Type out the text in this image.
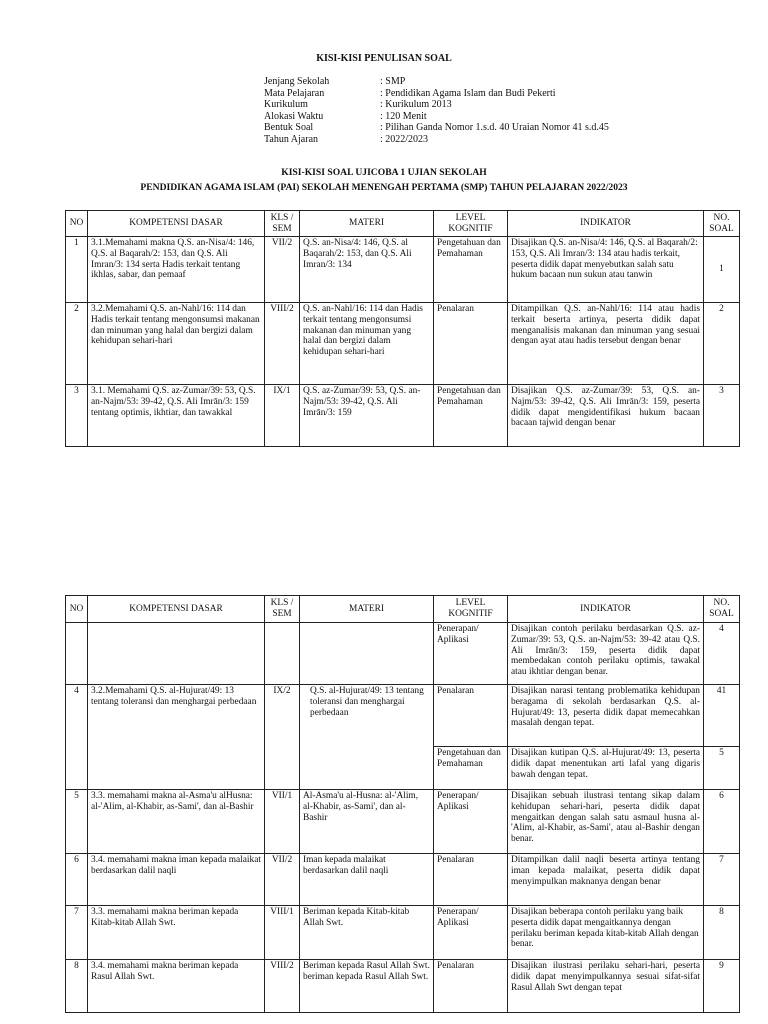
KISI-KISI PENULISAN SOAL
Jenjang Sekolah	: SMP
Mata Pelajaran	: Pendidikan Agama Islam dan Budi Pekerti
Kurikulum	: Kurikulum 2013
Alokasi Waktu	: 120 Menit
Bentuk Soal	: Pilihan Ganda Nomor 1.s.d. 40 Uraian Nomor 41 s.d.45
Tahun Ajaran	: 2022/2023
KISI-KISI SOAL UJICOBA 1 UJIAN SEKOLAH
PENDIDIKAN AGAMA ISLAM (PAI) SEKOLAH MENENGAH PERTAMA (SMP) TAHUN PELAJARAN 2022/2023
NO	KOMPETENSI DASAR	KLS / SEM	MATERI	LEVEL KOGNITIF	INDIKATOR	NO. SOAL
1	3.1.Memahami makna Q.S. an-Nisa/4: 146, Q.S. al Baqarah/2: 153, dan Q.S. Ali Imran/3: 134 serta Hadis terkait tentang ikhlas, sabar, dan pemaaf	VII/2	Q.S. an-Nisa/4: 146, Q.S. al Baqarah/2: 153, dan Q.S. Ali Imran/3: 134	Pengetahuan dan Pemahaman	Disajikan Q.S. an-Nisa/4: 146, Q.S. al Baqarah/2: 153, Q.S. Ali Imran/3: 134 atau hadis terkait, peserta didik dapat menyebutkan salah satu hukum bacaan nun sukun atau tanwin	1
2	3.2.Memahami Q.S. an-Nahl/16: 114 dan Hadis terkait tentang mengonsumsi makanan dan minuman yang halal dan bergizi dalam kehidupan sehari-hari	VIII/2	Q.S. an-Nahl/16: 114 dan Hadis terkait tentang mengonsumsi makanan dan minuman yang halal dan bergizi dalam kehidupan sehari-hari	Penalaran	Ditampilkan Q.S. an-Nahl/16: 114 atau hadis terkait beserta artinya, peserta didik dapat menganalisis makanan dan minuman yang sesuai dengan ayat atau hadis tersebut dengan benar	2
3	3.1. Memahami Q.S. az-Zumar/39: 53, Q.S. an-Najm/53: 39-42, Q.S. Ali Imrān/3: 159 tentang optimis, ikhtiar, dan tawakkal	IX/1	Q.S. az-Zumar/39: 53, Q.S. an-Najm/53: 39-42, Q.S. Ali Imrān/3: 159	Pengetahuan dan Pemahaman	Disajikan Q.S. az-Zumar/39: 53, Q.S. an-Najm/53: 39-42, Q.S. Ali Imrān/3: 159, peserta didik dapat mengidentifikasi hukum bacaan bacaan tajwid dengan benar	3
NO	KOMPETENSI DASAR	KLS / SEM	MATERI	LEVEL KOGNITIF	INDIKATOR	NO. SOAL
				Penerapan/ Aplikasi	Disajikan contoh perilaku berdasarkan Q.S. az-Zumar/39: 53, Q.S. an-Najm/53: 39-42 atau Q.S. Ali Imrān/3: 159, peserta didik dapat membedakan contoh perilaku optimis, tawakal atau ikhtiar dengan benar.	4
4	3.2.Memahami Q.S. al-Hujurat/49: 13 tentang toleransi dan menghargai perbedaan	IX/2	Q.S. al-Hujurat/49: 13 tentang toleransi dan menghargai perbedaan	Penalaran	Disajikan narasi tentang problematika kehidupan beragama di sekolah berdasarkan Q.S. al-Hujurat/49: 13, peserta didik dapat memecahkan masalah dengan tepat.	41
				Pengetahuan dan Pemahaman	Disajikan kutipan Q.S. al-Hujurat/49: 13, peserta didik dapat menentukan arti lafal yang digaris bawah dengan tepat.	5
5	3.3. memahami makna al-Asma'u alHusna: al-'Alim, al-Khabir, as-Sami', dan al-Bashir	VII/1	Al-Asma'u al-Husna: al-'Alim, al-Khabir, as-Sami', dan al-Bashir	Penerapan/ Aplikasi	Disajikan sebuah ilustrasi tentang sikap dalam kehidupan sehari-hari, peserta didik dapat mengaitkan dengan salah satu asmaul husna al-'Alim, al-Khabir, as-Sami', atau al-Bashir dengan benar.	6
6	3.4. memahami makna iman kepada malaikat berdasarkan dalil naqli	VII/2	Iman kepada malaikat berdasarkan dalil naqli	Penalaran	Ditampilkan dalil naqli beserta artinya tentang iman kepada malaikat, peserta didik dapat menyimpulkan maknanya dengan benar	7
7	3.3. memahami makna beriman kepada Kitab-kitab Allah Swt.	VIII/1	Beriman kepada Kitab-kitab Allah Swt.	Penerapan/ Aplikasi	Disajikan beberapa contoh perilaku yang baik peserta didik dapat mengaitkannya dengan perilaku beriman kepada kitab-kitab Allah dengan benar.	8
8	3.4. memahami makna beriman kepada Rasul Allah Swt.	VIII/2	Beriman kepada Rasul Allah Swt. beriman kepada Rasul Allah Swt.	Penalaran	Disajikan ilustrasi perilaku sehari-hari, peserta didik dapat menyimpulkannya sesuai sifat-sifat Rasul Allah Swt dengan tepat	9
